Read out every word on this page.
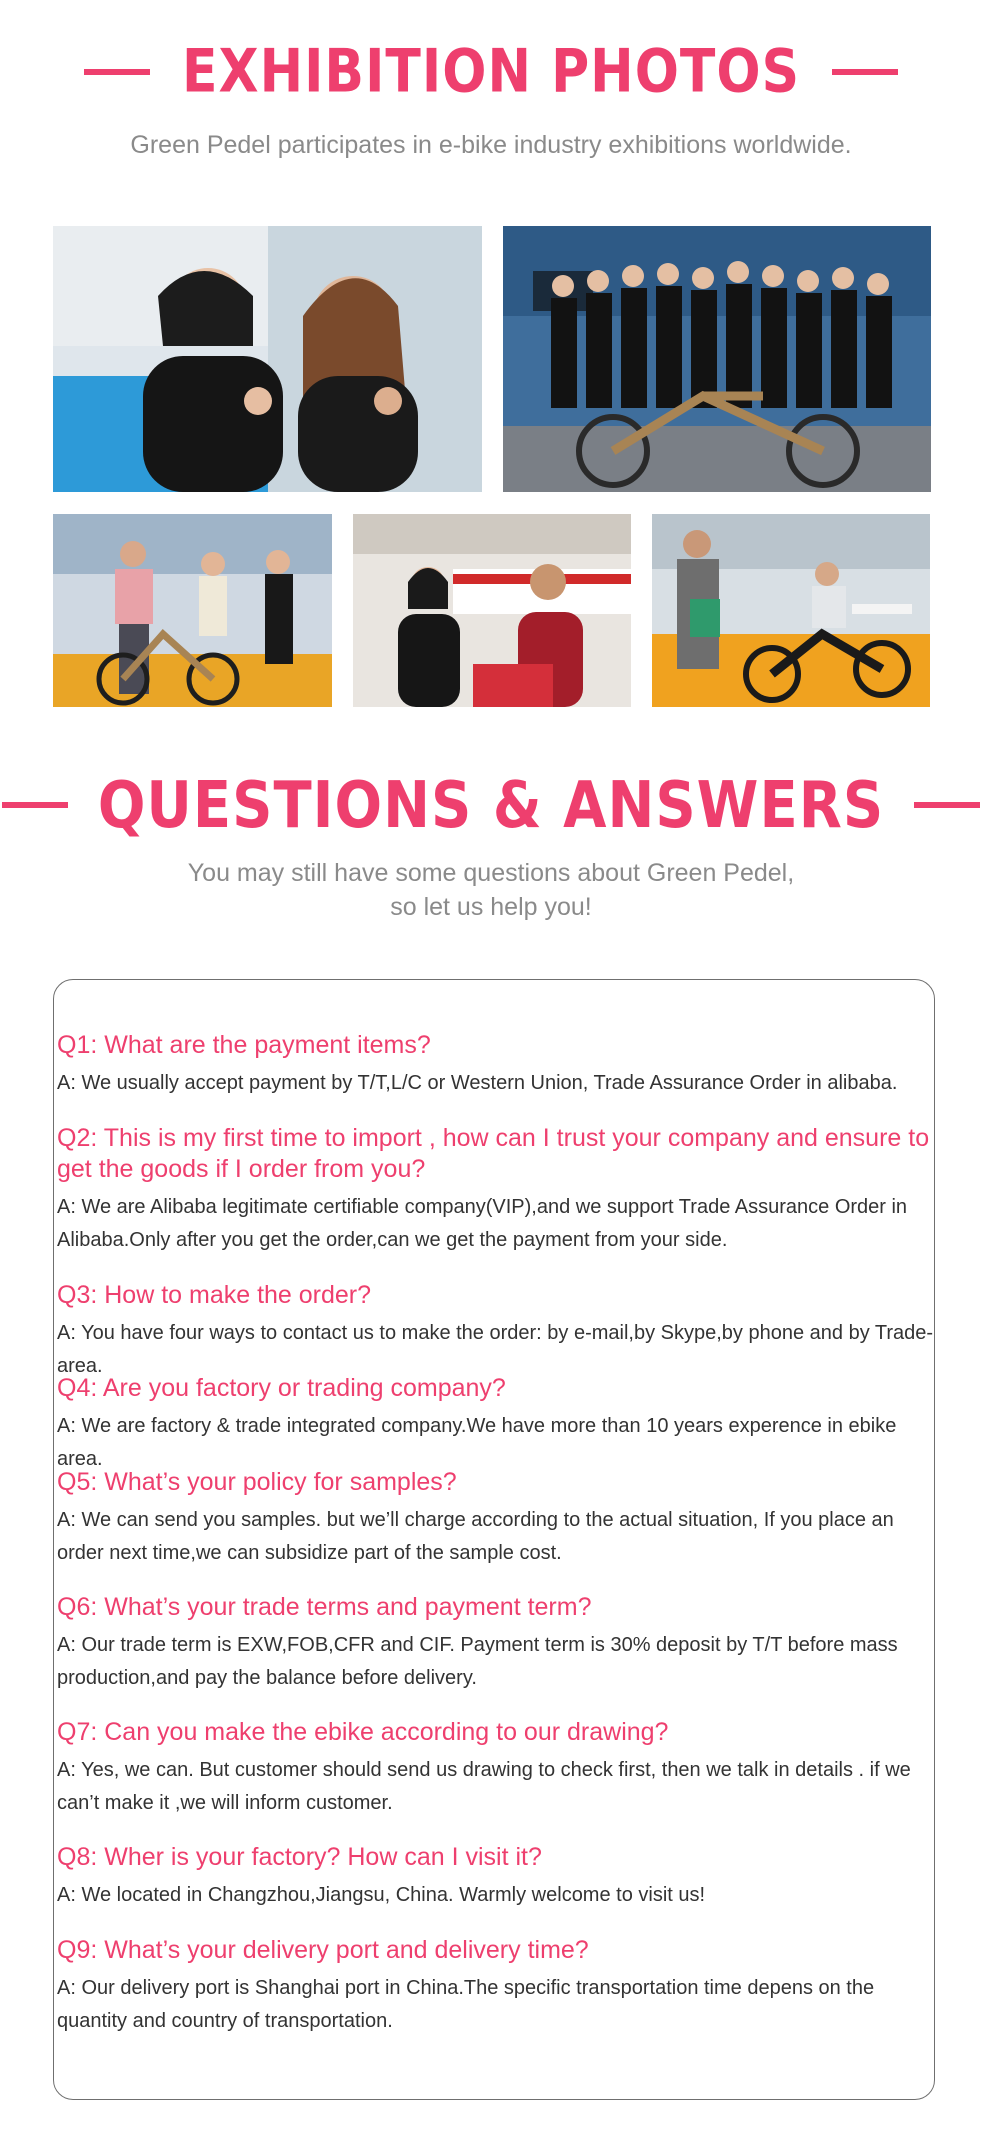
EXHIBITION PHOTOS
Green Pedel participates in e-bike industry exhibitions worldwide.
QUESTIONS & ANSWERS
You may still have some questions about Green Pedel,
so let us help you!

Q1: What are the payment items?

A: We usually accept payment by T/T,L/C or Western Union, Trade Assurance Order in alibaba.

Q2: This is my first time to import , how can I trust your company and ensure to get the goods if I order from you?

A: We are Alibaba legitimate certifiable company(VIP),and we support Trade Assurance Order in Alibaba.Only after you get the order,can we get the payment from your side.

Q3: How to make the order?

A: You have four ways to contact us to make the order: by e-mail,by Skype,by phone and by Trade-area.

Q4: Are you factory or trading company?

A: We are factory & trade integrated company.We have more than 10 years experence in ebike area.

Q5: What’s your policy for samples?

A: We can send you samples. but we’ll charge according to the actual situation, If you place an order next time,we can subsidize part of the sample cost.

Q6: What’s your trade terms and payment term?

A: Our trade term is EXW,FOB,CFR and CIF. Payment term is 30% deposit by T/T before mass production,and pay the balance before delivery.

Q7: Can you make the ebike according to our drawing?

A: Yes, we can. But customer should send us drawing to check first, then we talk in details . if we can’t make it ,we will inform customer.

Q8: Wher is your factory? How can I visit it?

A: We located in Changzhou,Jiangsu, China. Warmly welcome to visit us!

Q9: What’s your delivery port and delivery time?

A: Our delivery port is Shanghai port in China.The specific transportation time depens on the quantity and country of transportation.
